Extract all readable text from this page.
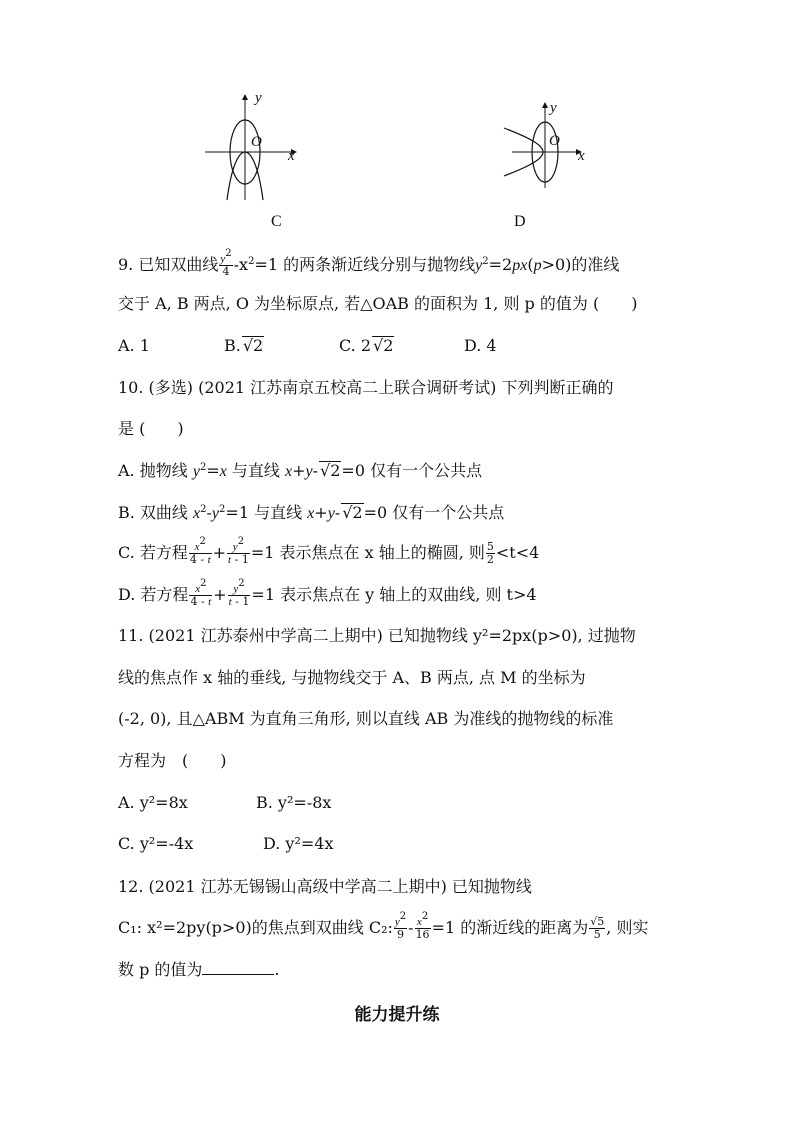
y
x
O
C
y
x
O
D
9. 已知双曲线 $\frac{y^2}{4} -x^2=1$ 的两条渐近线分别与抛物线$y^2=2px(p>0)$的准线
交于 A, B 两点, O 为坐标原点, 若△OAB 的面积为 1, 则 p 的值为 (　　)
A. 1	B. √2	C. 2 √2	D. 4
10. (多选) (2021 江苏南京五校高二上联合调研考试) 下列判断正确的
是 (　　)
A. 抛物线 $y^2=x$ 与直线 x+y- √2=0 仅有一个公共点
B. 双曲线 $x^2-y^2=1$ 与直线 x+y- √2=0 仅有一个公共点
C. 若方程 $\frac{x^2}{4 - t} + \frac{y^2}{t - 1} =1$ 表示焦点在 x 轴上的椭圆, 则 $\frac{5}{2} <t<4$
D. 若方程 $\frac{x^2}{4 - t} + \frac{y^2}{t - 1} =1$ 表示焦点在 y 轴上的双曲线, 则 t>4
11. (2021 江苏泰州中学高二上期中) 已知抛物线 y²=2px(p>0), 过抛物
线的焦点作 x 轴的垂线, 与抛物线交于 A、B 两点, 点 M 的坐标为
(-2, 0), 且△ABM 为直角三角形, 则以直线 AB 为准线的抛物线的标准
方程为　(　　)
A. y²=8x	B. y²=-8x
C. y²=-4x	D. y²=4x
12. (2021 江苏无锡锡山高级中学高二上期中) 已知抛物线
C₁: x²=2py(p>0)的焦点到双曲线 C₂: $\frac{y^2}{9} - \frac{x^2}{16} =1$ 的渐近线的距离为 $\frac{√5}{5}$ , 则实
数 p 的值为	.
能力提升练
